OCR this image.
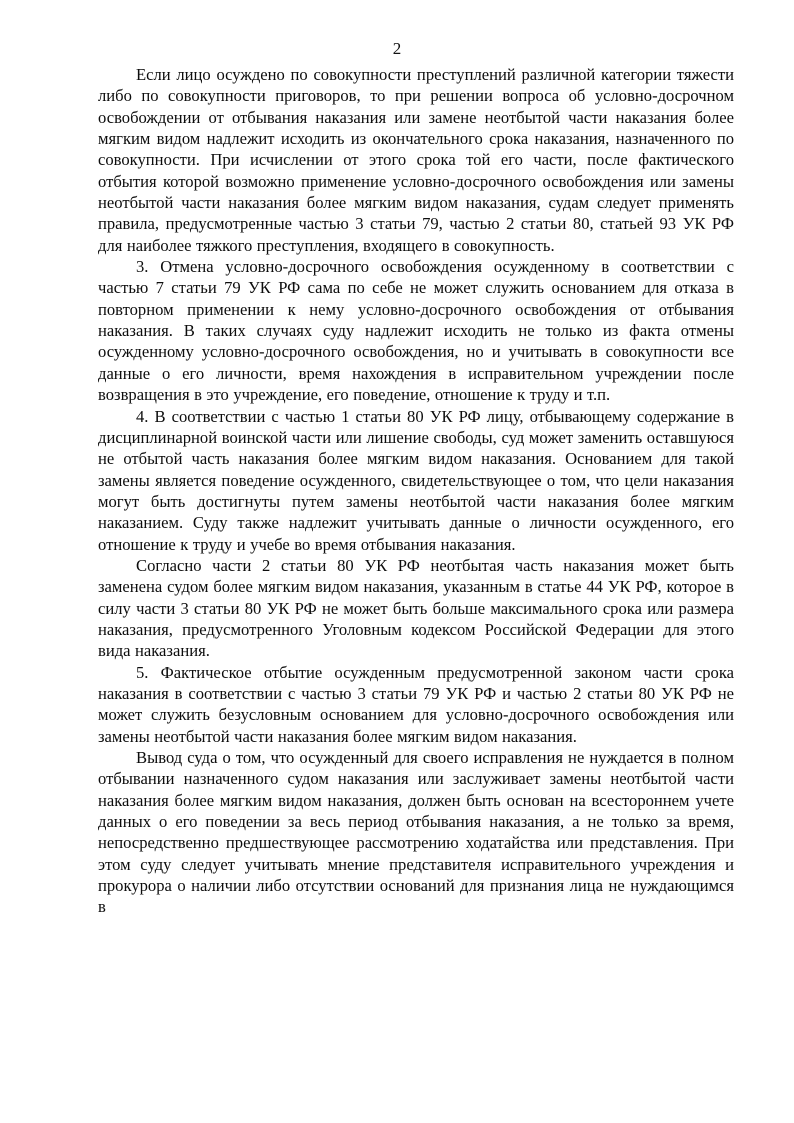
2

Если лицо осуждено по совокупности преступлений различной категории тяжести либо по совокупности приговоров, то при решении вопроса об условно-досрочном освобождении от отбывания наказания или замене неотбытой части наказания более мягким видом надлежит исходить из окончательного срока наказания, назначенного по совокупности. При исчислении от этого срока той его части, после фактического отбытия которой возможно применение условно-досрочного освобождения или замены неотбытой части наказания более мягким видом наказания, судам следует применять правила, предусмотренные частью 3 статьи 79, частью 2 статьи 80, статьей 93 УК РФ для наиболее тяжкого преступления, входящего в совокупность.

3. Отмена условно-досрочного освобождения осужденному в соответствии с частью 7 статьи 79 УК РФ сама по себе не может служить основанием для отказа в повторном применении к нему условно-досрочного освобождения от отбывания наказания. В таких случаях суду надлежит исходить не только из факта отмены осужденному условно-досрочного освобождения, но и учитывать в совокупности все данные о его личности, время нахождения в исправительном учреждении после возвращения в это учреждение, его поведение, отношение к труду и т.п.

4. В соответствии с частью 1 статьи 80 УК РФ лицу, отбывающему содержание в дисциплинарной воинской части или лишение свободы, суд может заменить оставшуюся не отбытой часть наказания более мягким видом наказания. Основанием для такой замены является поведение осужденного, свидетельствующее о том, что цели наказания могут быть достигнуты путем замены неотбытой части наказания более мягким наказанием. Суду также надлежит учитывать данные о личности осужденного, его отношение к труду и учебе во время отбывания наказания.

Согласно части 2 статьи 80 УК РФ неотбытая часть наказания может быть заменена судом более мягким видом наказания, указанным в статье 44 УК РФ, которое в силу части 3 статьи 80 УК РФ не может быть больше максимального срока или размера наказания, предусмотренного Уголовным кодексом Российской Федерации для этого вида наказания.

5. Фактическое отбытие осужденным предусмотренной законом части срока наказания в соответствии с частью 3 статьи 79 УК РФ и частью 2 статьи 80 УК РФ не может служить безусловным основанием для условно-досрочного освобождения или замены неотбытой части наказания более мягким видом наказания.

Вывод суда о том, что осужденный для своего исправления не нуждается в полном отбывании назначенного судом наказания или заслуживает замены неотбытой части наказания более мягким видом наказания, должен быть основан на всестороннем учете данных о его поведении за весь период отбывания наказания, а не только за время, непосредственно предшествующее рассмотрению ходатайства или представления. При этом суду следует учитывать мнение представителя исправительного учреждения и прокурора о наличии либо отсутствии оснований для признания лица не нуждающимся в
